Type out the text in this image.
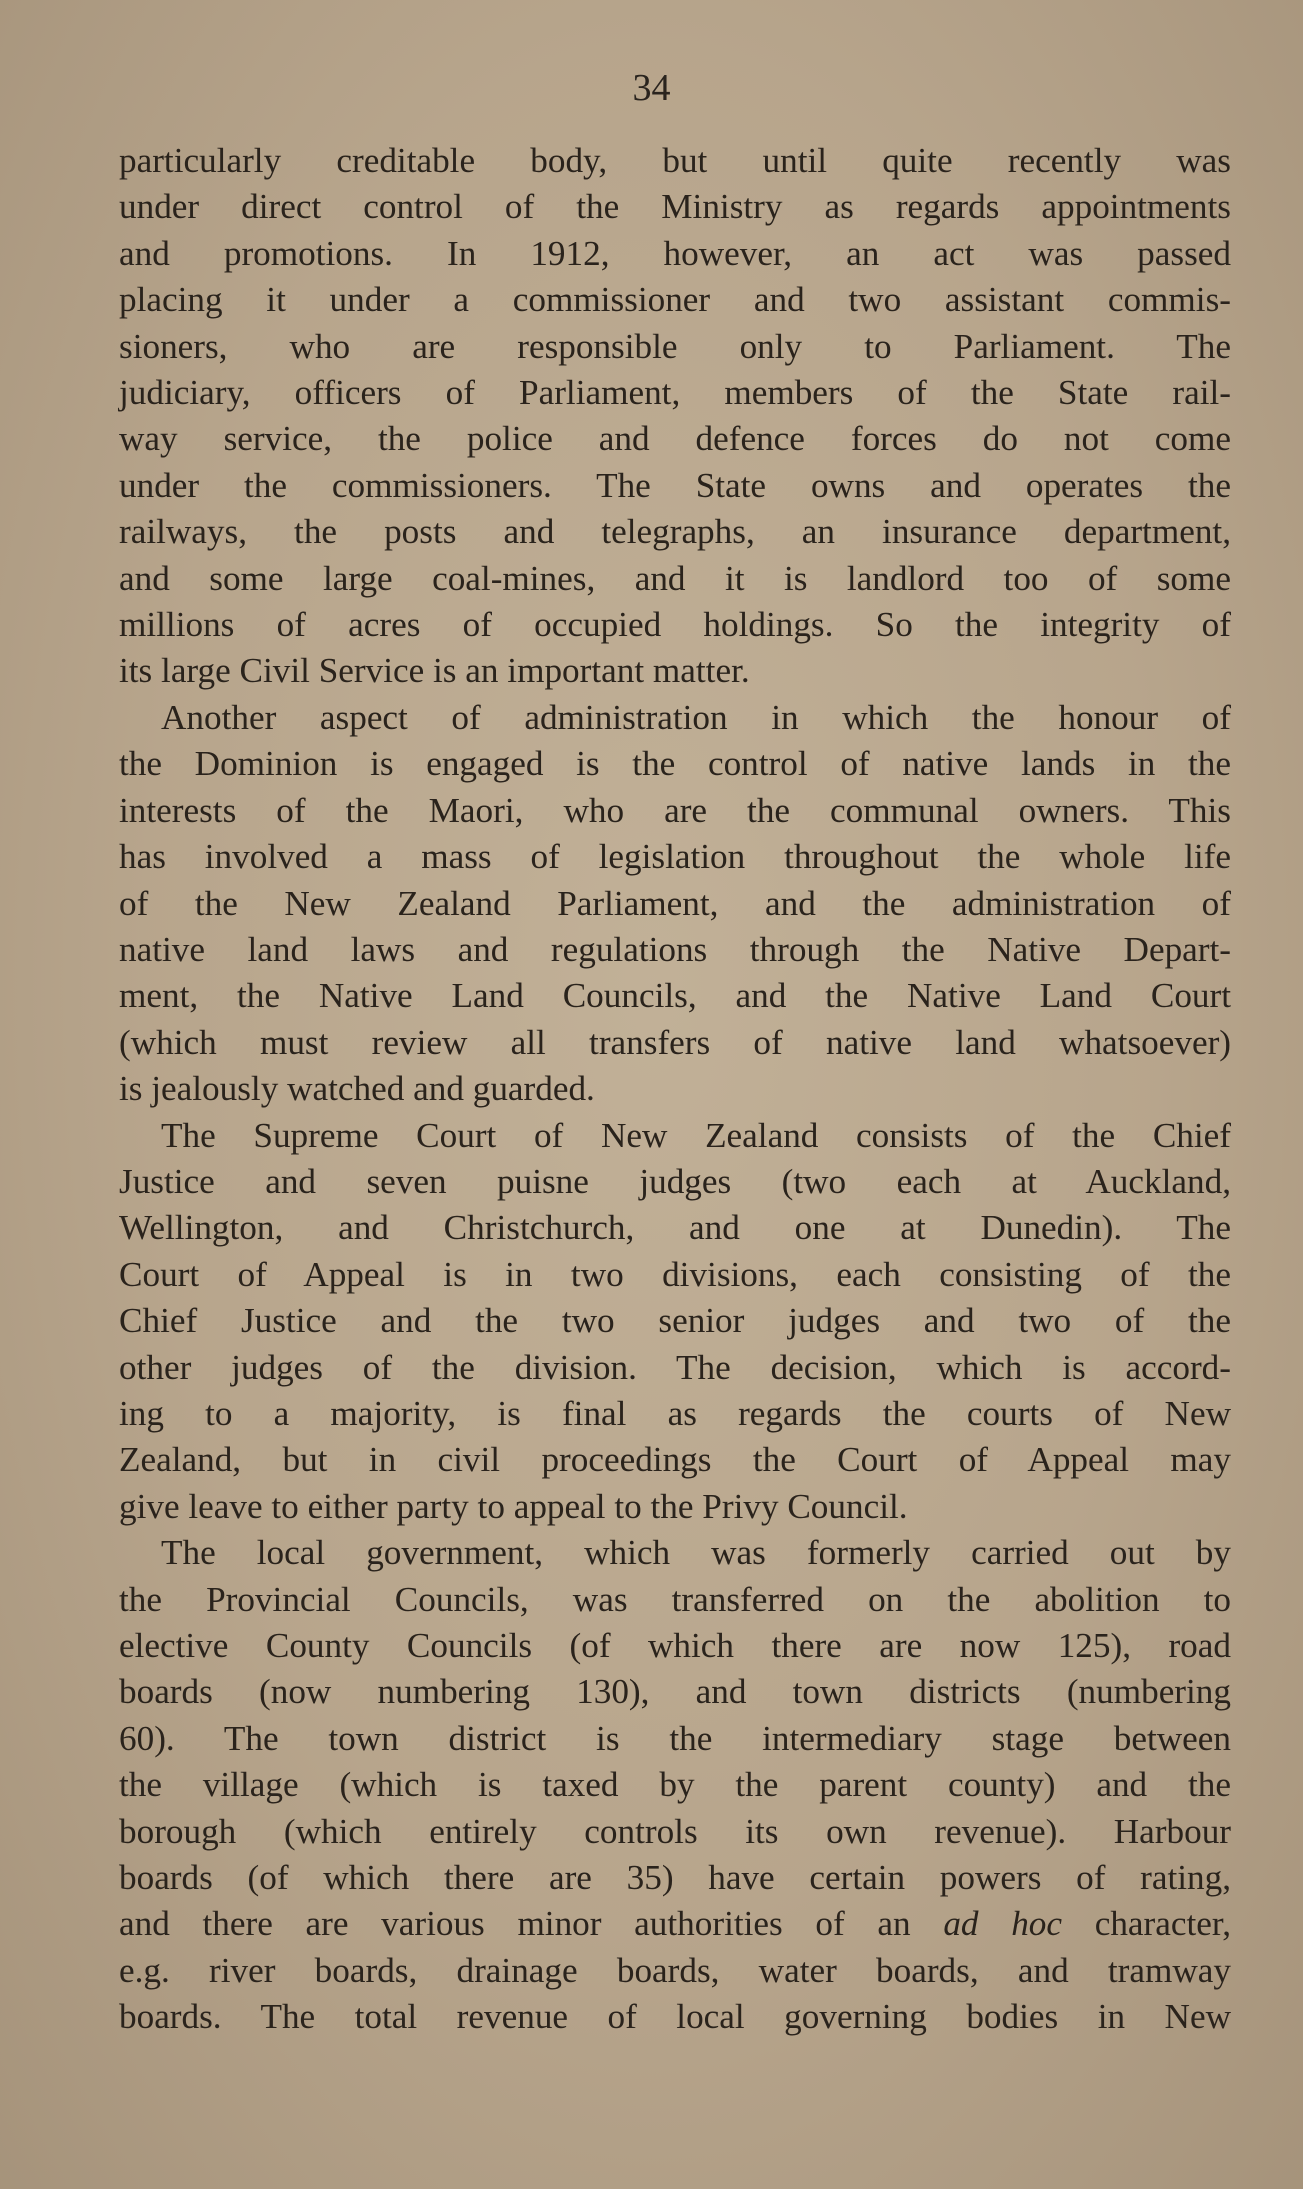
34

particularly creditable body, but until quite recently was

under direct control of the Ministry as regards appointments

and promotions. In 1912, however, an act was passed

placing it under a commissioner and two assistant commis-

sioners, who are responsible only to Parliament. The

judiciary, officers of Parliament, members of the State rail-

way service, the police and defence forces do not come

under the commissioners. The State owns and operates the

railways, the posts and telegraphs, an insurance department,

and some large coal-mines, and it is landlord too of some

millions of acres of occupied holdings. So the integrity of

its large Civil Service is an important matter.

Another aspect of administration in which the honour of

the Dominion is engaged is the control of native lands in the

interests of the Maori, who are the communal owners. This

has involved a mass of legislation throughout the whole life

of the New Zealand Parliament, and the administration of

native land laws and regulations through the Native Depart-

ment, the Native Land Councils, and the Native Land Court

(which must review all transfers of native land whatsoever)

is jealously watched and guarded.

The Supreme Court of New Zealand consists of the Chief

Justice and seven puisne judges (two each at Auckland,

Wellington, and Christchurch, and one at Dunedin). The

Court of Appeal is in two divisions, each consisting of the

Chief Justice and the two senior judges and two of the

other judges of the division. The decision, which is accord-

ing to a majority, is final as regards the courts of New

Zealand, but in civil proceedings the Court of Appeal may

give leave to either party to appeal to the Privy Council.

The local government, which was formerly carried out by

the Provincial Councils, was transferred on the abolition to

elective County Councils (of which there are now 125), road

boards (now numbering 130), and town districts (numbering

60). The town district is the intermediary stage between

the village (which is taxed by the parent county) and the

borough (which entirely controls its own revenue). Harbour

boards (of which there are 35) have certain powers of rating,

and there are various minor authorities of an ad hoc character,

e.g. river boards, drainage boards, water boards, and tramway

boards. The total revenue of local governing bodies in New
